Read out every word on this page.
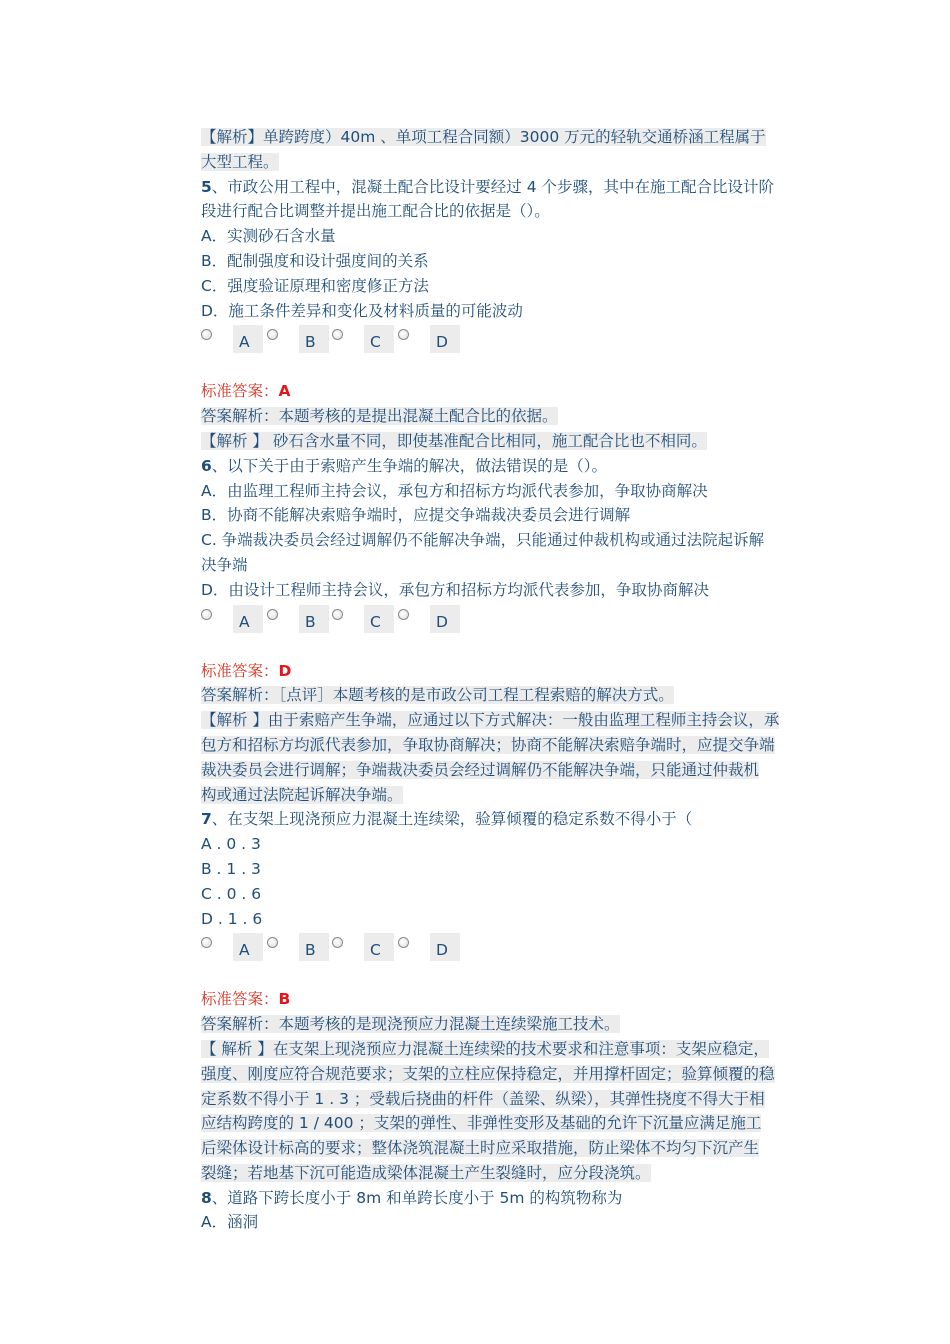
【解析】单跨跨度）40m 、单项工程合同额）3000 万元的轻轨交通桥涵工程属于
大型工程。
5、市政公用工程中，混凝土配合比设计要经过 4 个步骤，其中在施工配合比设计阶
段进行配合比调整并提出施工配合比的依据是（）。
A．实测砂石含水量
B．配制强度和设计强度间的关系
C．强度验证原理和密度修正方法
D．施工条件差异和变化及材料质量的可能波动
A	B	C	D
标准答案：A
答案解析：本题考核的是提出混凝土配合比的依据。
【解析 】 砂石含水量不同，即使基准配合比相同，施工配合比也不相同。
6、以下关于由于索赔产生争端的解决，做法错误的是（）。
A．由监理工程师主持会议，承包方和招标方均派代表参加，争取协商解决
B．协商不能解决索赔争端时，应提交争端裁决委员会进行调解
C. 争端裁决委员会经过调解仍不能解决争端，只能通过仲裁机构或通过法院起诉解
决争端
D．由设计工程师主持会议，承包方和招标方均派代表参加，争取协商解决
A	B	C	D
标准答案：D
答案解析：［点评］本题考核的是市政公司工程工程索赔的解决方式。
【解析 】由于索赔产生争端，应通过以下方式解决：一般由监理工程师主持会议，承
包方和招标方均派代表参加，争取协商解决；协商不能解决索赔争端时，应提交争端
裁决委员会进行调解；争端裁决委员会经过调解仍不能解决争端，只能通过仲裁机
构或通过法院起诉解决争端。
7、在支架上现浇预应力混凝土连续梁，验算倾覆的稳定系数不得小于（
A . 0 . 3
B . 1 . 3
C . 0 . 6
D . 1 . 6
A	B	C	D
标准答案：B
答案解析：本题考核的是现浇预应力混凝土连续梁施工技术。
【 解析 】在支架上现浇预应力混凝土连续梁的技术要求和注意事项：支架应稳定，
强度、刚度应符合规范要求；支架的立柱应保持稳定，并用撑杆固定；验算倾覆的稳
定系数不得小于 1 . 3 ；受载后挠曲的杆件（盖梁、纵梁），其弹性挠度不得大于相
应结构跨度的 1 / 400 ；支架的弹性、非弹性变形及基础的允许下沉量应满足施工
后梁体设计标高的要求；整体浇筑混凝土时应采取措施，防止梁体不均匀下沉产生
裂缝；若地基下沉可能造成梁体混凝土产生裂缝时，应分段浇筑。
8、道路下跨长度小于 8m 和单跨长度小于 5m 的构筑物称为
A．涵洞
